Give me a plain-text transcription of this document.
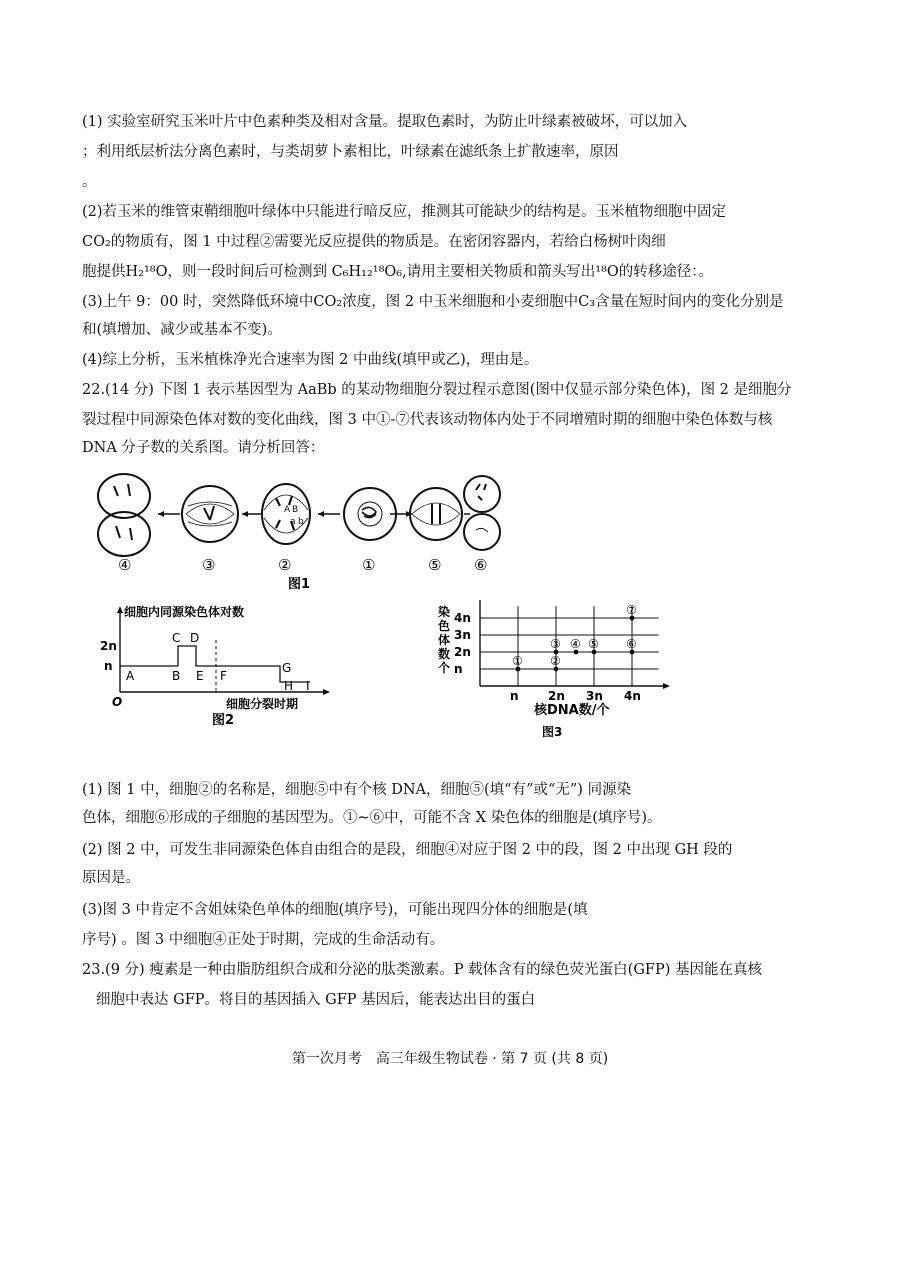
(1) 实验室研究玉米叶片中色素种类及相对含量。提取色素时，为防止叶绿素被破坏，可以加入
；利用纸层析法分离色素时，与类胡萝卜素相比，叶绿素在滤纸条上扩散速率，原因
。
(2)若玉米的维管束鞘细胞叶绿体中只能进行暗反应，推测其可能缺少的结构是。玉米植物细胞中固定
CO₂的物质有，图 1 中过程②需要光反应提供的物质是。在密闭容器内，若给白杨树叶肉细
胞提供H₂¹⁸O，则一段时间后可检测到 C₆H₁₂¹⁸O₆,请用主要相关物质和箭头写出¹⁸O的转移途径：。
(3)上午 9：00 时，突然降低环境中CO₂浓度，图 2 中玉米细胞和小麦细胞中C₃含量在短时间内的变化分别是
和(填增加、减少或基本不变)。
(4)综上分析，玉米植株净光合速率为图 2 中曲线(填甲或乙)，理由是。
22.(14 分) 下图 1 表示基因型为 AaBb 的某动物细胞分裂过程示意图(图中仅显示部分染色体)，图 2 是细胞分
裂过程中同源染色体对数的变化曲线，图 3 中①-⑦代表该动物体内处于不同增殖时期的细胞中染色体数与核
DNA 分子数的关系图。请分析回答：
A B
a b
④	③	②	①	⑤ ⑥
图1
细胞内同源染色体对数
2n
n
O	细胞分裂时期
A	B
C D
E F
G
H I
图2
染
色
体
数
个
4n
3n
2n
n
n 2n 3n 4n
① ②
③ ④ ⑤ ⑥
⑦
核DNA数/个
图3
(1) 图 1 中，细胞②的名称是，细胞⑤中有个核 DNA，细胞⑤(填“有”或“无”) 同源染
色体，细胞⑥形成的子细胞的基因型为。①~⑥中，可能不含 X 染色体的细胞是(填序号)。
(2) 图 2 中，可发生非同源染色体自由组合的是段，细胞④对应于图 2 中的段，图 2 中出现 GH 段的
原因是。
(3)图 3 中肯定不含姐妹染色单体的细胞(填序号)，可能出现四分体的细胞是(填
序号) 。图 3 中细胞④正处于时期，完成的生命活动有。
23.(9 分) 瘦素是一种由脂肪组织合成和分泌的肽类激素。P 载体含有的绿色荧光蛋白(GFP) 基因能在真核
细胞中表达 GFP。将目的基因插入 GFP 基因后，能表达出目的蛋白
第一次月考　高三年级生物试卷 · 第 7 页 (共 8 页)
